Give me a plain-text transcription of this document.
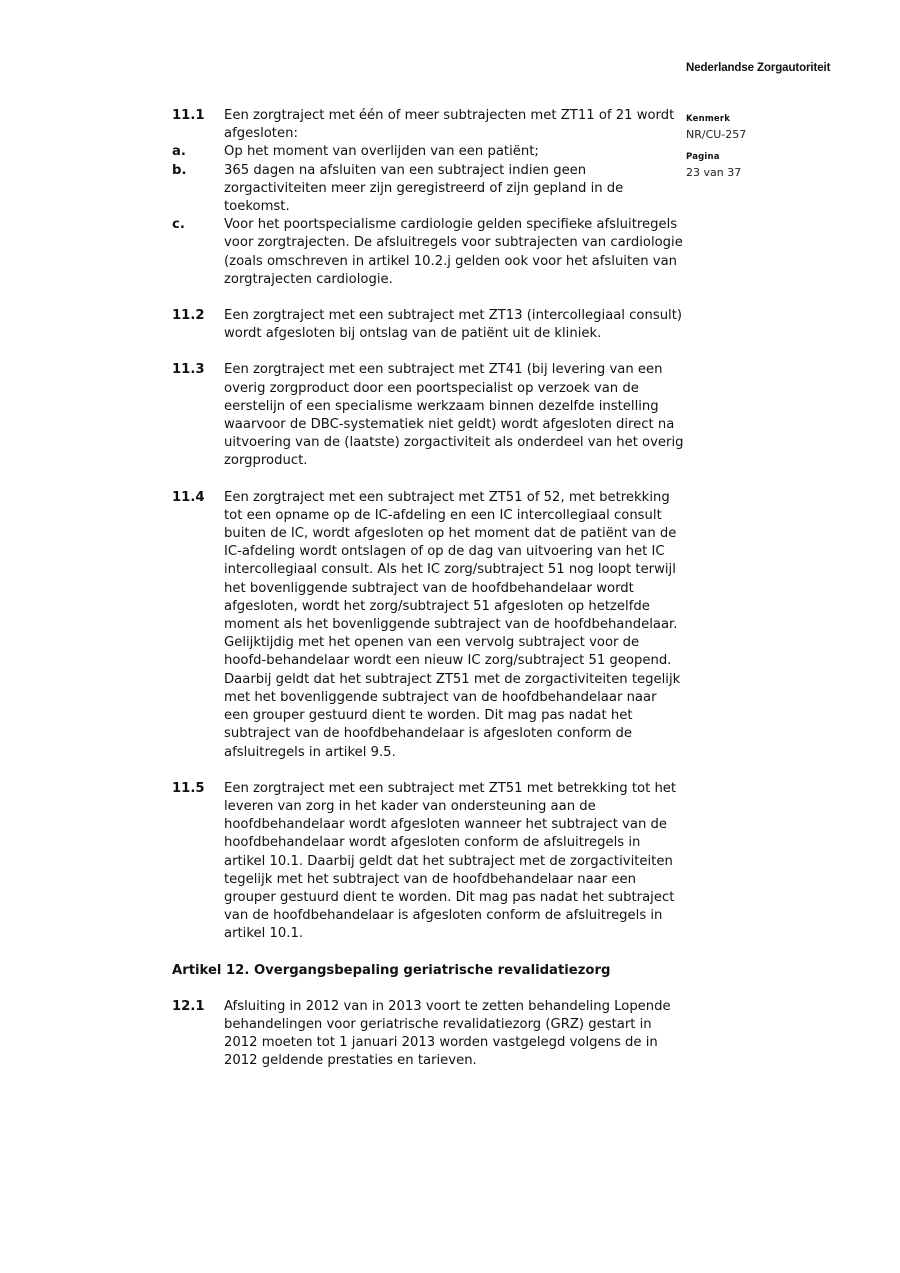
Nederlandse Zorgautoriteit
Kenmerk
NR/CU-257
Pagina
23 van 37
11.1	Een zorgtraject met één of meer subtrajecten met ZT11 of 21 wordt afgesloten:
a.	Op het moment van overlijden van een patiënt;
b.	365 dagen na afsluiten van een subtraject indien geen zorgactiviteiten meer zijn geregistreerd of zijn gepland in de toekomst.
c.	Voor het poortspecialisme cardiologie gelden specifieke afsluitregels voor zorgtrajecten. De afsluitregels voor subtrajecten van cardiologie (zoals omschreven in artikel 10.2.j gelden ook voor het afsluiten van zorgtrajecten cardiologie.
11.2	Een zorgtraject met een subtraject met ZT13 (intercollegiaal consult) wordt afgesloten bij ontslag van de patiënt uit de kliniek.
11.3	Een zorgtraject met een subtraject met ZT41 (bij levering van een overig zorgproduct door een poortspecialist op verzoek van de eerstelijn of een specialisme werkzaam binnen dezelfde instelling waarvoor de DBC-systematiek niet geldt) wordt afgesloten direct na uitvoering van de (laatste) zorgactiviteit als onderdeel van het overig zorgproduct.
11.4	Een zorgtraject met een subtraject met ZT51 of 52, met betrekking tot een opname op de IC-afdeling en een IC intercollegiaal consult buiten de IC, wordt afgesloten op het moment dat de patiënt van de IC-afdeling wordt ontslagen of op de dag van uitvoering van het IC intercollegiaal consult. Als het IC zorg/subtraject 51 nog loopt terwijl het bovenliggende subtraject van de hoofdbehandelaar wordt afgesloten, wordt het zorg/subtraject 51 afgesloten op hetzelfde moment als het bovenliggende subtraject van de hoofdbehandelaar. Gelijktijdig met het openen van een vervolg subtraject voor de hoofd-behandelaar wordt een nieuw IC zorg/subtraject 51 geopend. Daarbij geldt dat het subtraject ZT51 met de zorgactiviteiten tegelijk met het bovenliggende subtraject van de hoofdbehandelaar naar een grouper gestuurd dient te worden. Dit mag pas nadat het subtraject van de hoofdbehandelaar is afgesloten conform de afsluitregels in artikel 9.5.
11.5	Een zorgtraject met een subtraject met ZT51 met betrekking tot het leveren van zorg in het kader van ondersteuning aan de hoofdbehandelaar wordt afgesloten wanneer het subtraject van de hoofdbehandelaar wordt afgesloten conform de afsluitregels in artikel 10.1. Daarbij geldt dat het subtraject met de zorgactiviteiten tegelijk met het subtraject van de hoofdbehandelaar naar een grouper gestuurd dient te worden. Dit mag pas nadat het subtraject van de hoofdbehandelaar is afgesloten conform de afsluitregels in artikel 10.1.
Artikel 12. Overgangsbepaling geriatrische revalidatiezorg
12.1	Afsluiting in 2012 van in 2013 voort te zetten behandeling Lopende behandelingen voor geriatrische revalidatiezorg (GRZ) gestart in 2012 moeten tot 1 januari 2013 worden vastgelegd volgens de in 2012 geldende prestaties en tarieven.
